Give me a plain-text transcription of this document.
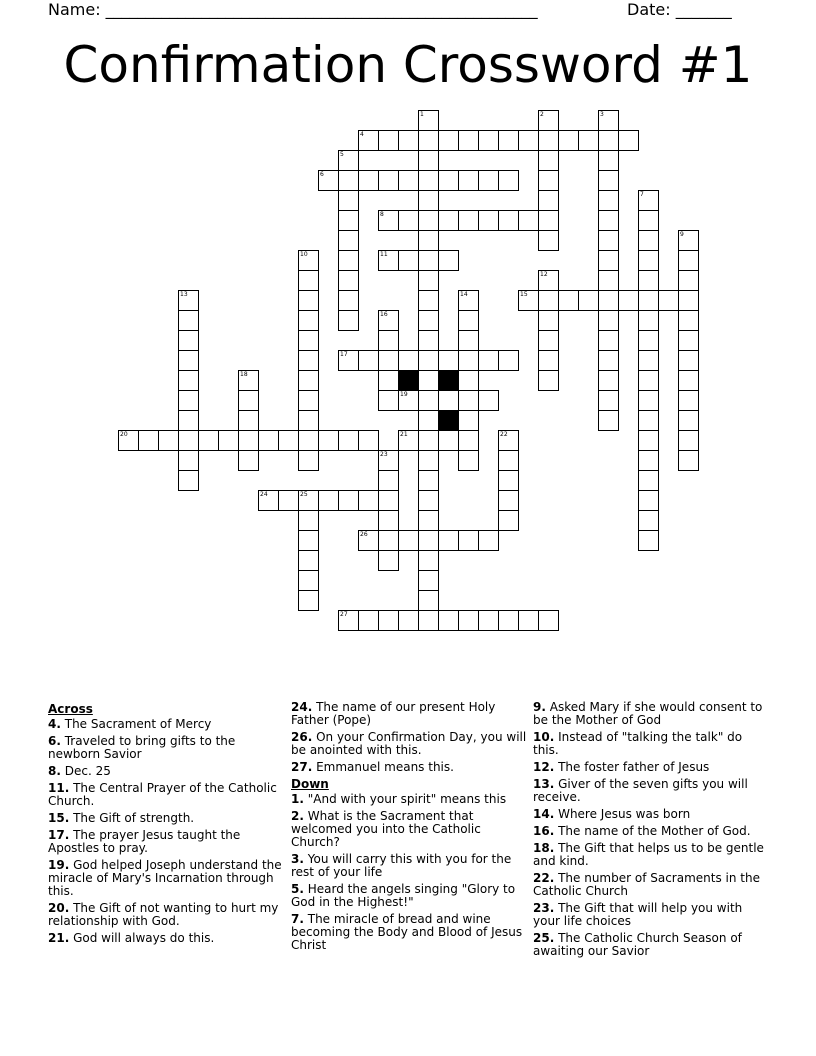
Name: ______________________________________________________	Date: _______
Confirmation Crossword #1
1	2	3
4
5
6
7
8
9
10	11
12
13	14	15
16
17
18
19
20	21	22
23
24	25
26
27
Across
4. The Sacrament of Mercy
6. Traveled to bring gifts to the newborn Savior
8. Dec. 25
11. The Central Prayer of the Catholic Church.
15. The Gift of strength.
17. The prayer Jesus taught the Apostles to pray.
19. God helped Joseph understand the miracle of Mary's Incarnation through this.
20. The Gift of not wanting to hurt my relationship with God.
21. God will always do this.
24. The name of our present Holy Father (Pope)
26. On your Confirmation Day, you will be anointed with this.
27. Emmanuel means this.
Down
1. "And with your spirit" means this
2. What is the Sacrament that welcomed you into the Catholic Church?
3. You will carry this with you for the rest of your life
5. Heard the angels singing "Glory to God in the Highest!"
7. The miracle of bread and wine becoming the Body and Blood of Jesus Christ
9. Asked Mary if she would consent to be the Mother of God
10. Instead of "talking the talk" do this.
12. The foster father of Jesus
13. Giver of the seven gifts you will receive.
14. Where Jesus was born
16. The name of the Mother of God.
18. The Gift that helps us to be gentle and kind.
22. The number of Sacraments in the Catholic Church
23. The Gift that will help you with your life choices
25. The Catholic Church Season of awaiting our Savior
